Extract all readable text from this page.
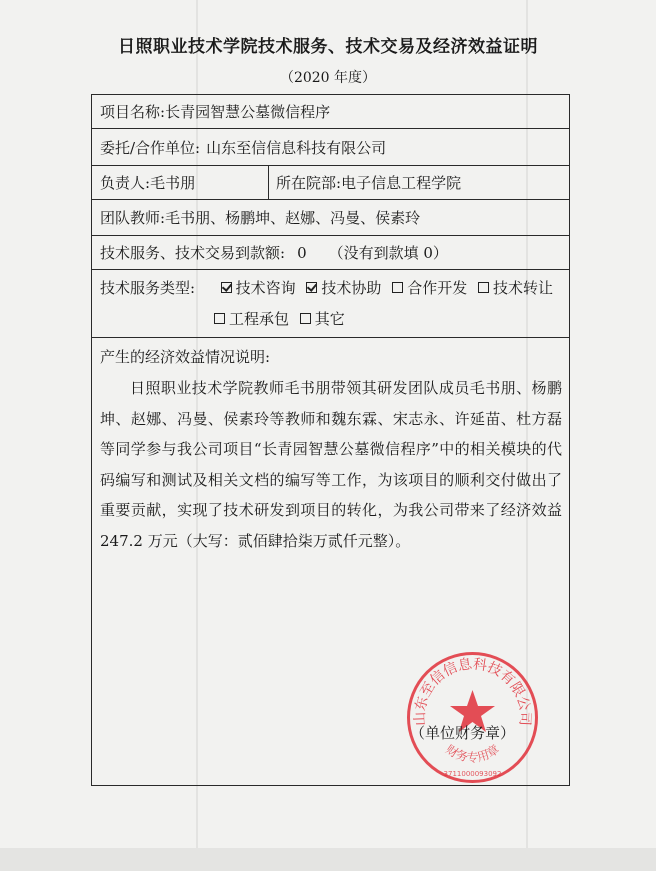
日照职业技术学院技术服务、技术交易及经济效益证明
（2020 年度）
项目名称: 长青园智慧公墓微信程序
委托/合作单位: 山东至信信息科技有限公司
负责人: 毛书朋	所在院部: 电子信息工程学院
团队教师: 毛书朋、杨鹏坤、赵娜、冯曼、侯素玲
技术服务、技术交易到款额: 0 （没有到款填 0）
技术服务类型:	技术咨询
技术协助
合作开发
技术转让
工程承包
其它
产生的经济效益情况说明:
日照职业技术学院教师毛书朋带领其研发团队成员毛书朋、杨鹏坤、赵娜、冯曼、侯素玲等教师和魏东霖、宋志永、许延苗、杜方磊等同学参与我公司项目“长青园智慧公墓微信程序”中的相关模块的代码编写和测试及相关文档的编写等工作，为该项目的顺利交付做出了重要贡献，实现了技术研发到项目的转化，为我公司带来了经济效益 247.2 万元（大写：贰佰肆拾柒万贰仟元整）。
山东至信信息科技有限公司
财务专用章
3711000093092
（单位财务章）
